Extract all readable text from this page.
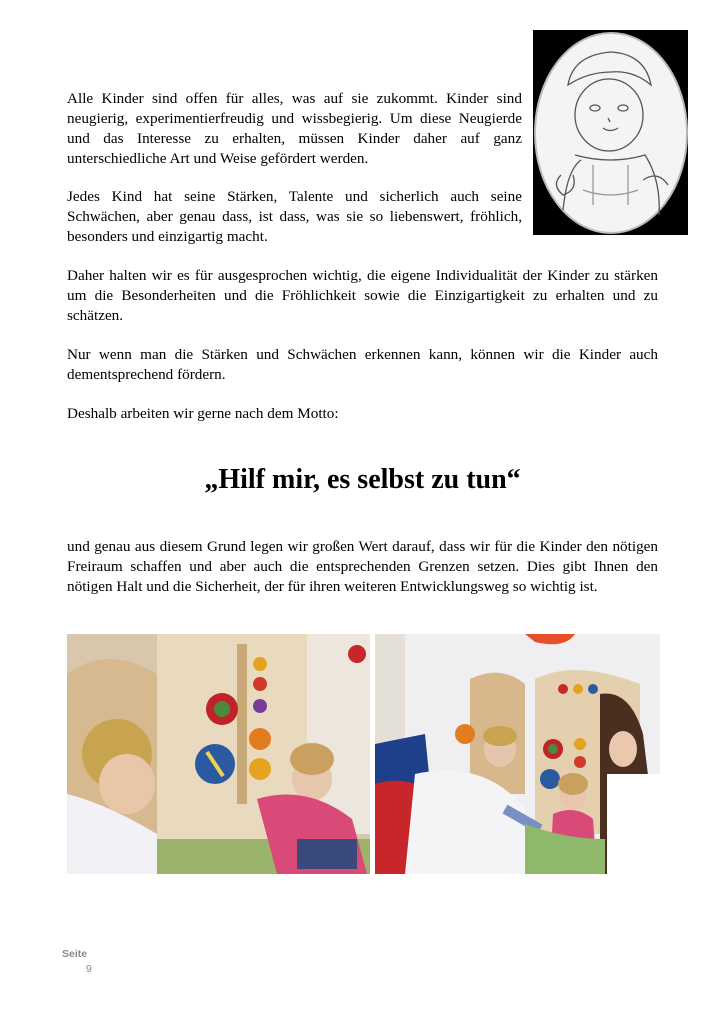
Alle Kinder sind offen für alles, was auf sie zukommt. Kinder sind neugierig, experimentierfreudig und wissbegierig. Um diese Neugierde und das Interesse zu erhalten, müssen Kinder daher auf ganz unterschiedliche Art und Weise gefördert werden.

Jedes Kind hat seine Stärken, Talente und sicherlich auch seine Schwächen, aber genau dass, ist dass, was sie so liebenswert, fröhlich, besonders und einzigartig macht.

Daher halten wir es für ausgesprochen wichtig, die eigene Individualität der Kinder zu stärken um die Besonderheiten und die Fröhlichkeit sowie die Einzigartigkeit zu erhalten und zu schätzen.

Nur wenn man die Stärken und Schwächen erkennen kann, können wir die Kinder auch dementsprechend fördern.

Deshalb arbeiten wir gerne nach dem Motto:

„Hilf mir, es selbst zu tun“

und genau aus diesem Grund legen wir großen Wert darauf, dass wir für die Kinder den nötigen Freiraum schaffen und aber auch die entsprechenden Grenzen setzen. Dies gibt Ihnen den nötigen Halt und die Sicherheit, der für ihren weiteren Entwicklungsweg so wichtig ist.

Seite
9
